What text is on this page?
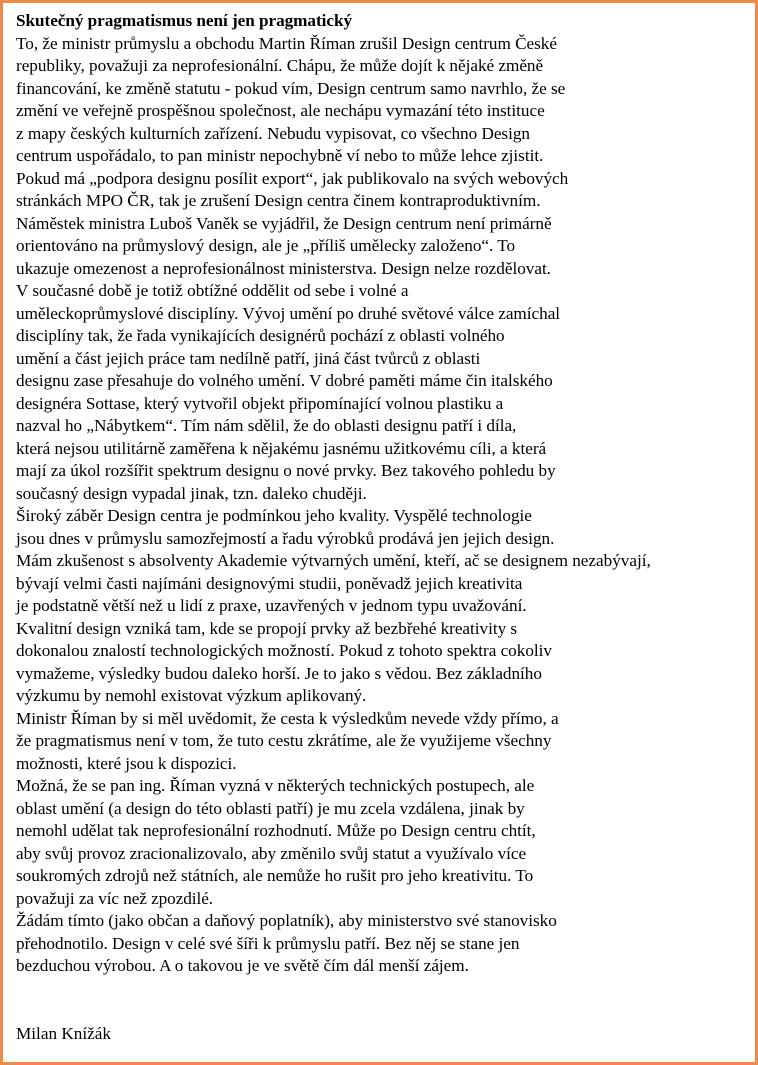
Skutečný pragmatismus není jen pragmatický
To, že ministr průmyslu a obchodu Martin Říman zrušil Design centrum České
republiky, považuji za neprofesionální. Chápu, že může dojít k nějaké změně
financování, ke změně statutu - pokud vím, Design centrum samo navrhlo, že se
změní ve veřejně prospěšnou společnost, ale nechápu vymazání této instituce
z mapy českých kulturních zařízení. Nebudu vypisovat, co všechno Design
centrum uspořádalo, to pan ministr nepochybně ví nebo to může lehce zjistit.
Pokud má „podpora designu posílit export“, jak publikovalo na svých webových
stránkách MPO ČR, tak je zrušení Design centra činem kontraproduktivním.
Náměstek ministra Luboš Vaněk se vyjádřil, že Design centrum není primárně
orientováno na průmyslový design, ale je „příliš umělecky založeno“. To
ukazuje omezenost a neprofesionálnost ministerstva. Design nelze rozdělovat.
V současné době je totiž obtížné oddělit od sebe i volné a
uměleckoprůmyslové disciplíny. Vývoj umění po druhé světové válce zamíchal
disciplíny tak, že řada vynikajících designérů pochází z oblasti volného
umění a část jejich práce tam nedílně patří, jiná část tvůrců z oblasti
designu zase přesahuje do volného umění. V dobré paměti máme čin italského
designéra Sottase, který vytvořil objekt připomínající volnou plastiku a
nazval ho „Nábytkem“. Tím nám sdělil, že do oblasti designu patří i díla,
která nejsou utilitárně zaměřena k nějakému jasnému užitkovému cíli, a která
mají za úkol rozšířit spektrum designu o nové prvky. Bez takového pohledu by
současný design vypadal jinak, tzn. daleko chuději.
Široký záběr Design centra je podmínkou jeho kvality. Vyspělé technologie
jsou dnes v průmyslu samozřejmostí a řadu výrobků prodává jen jejich design.
Mám zkušenost s absolventy Akademie výtvarných umění, kteří, ač se designem nezabývají,
bývají velmi časti najímáni designovými studii, poněvadž jejich kreativita
je podstatně větší než u lidí z praxe, uzavřených v jednom typu uvažování.
Kvalitní design vzniká tam, kde se propojí prvky až bezbřehé kreativity s
dokonalou znalostí technologických možností. Pokud z tohoto spektra cokoliv
vymažeme, výsledky budou daleko horší. Je to jako s vědou. Bez základního
výzkumu by nemohl existovat výzkum aplikovaný.
Ministr Říman by si měl uvědomit, že cesta k výsledkům nevede vždy přímo, a
že pragmatismus není v tom, že tuto cestu zkrátíme, ale že využijeme všechny
možnosti, které jsou k dispozici.
Možná, že se pan ing. Říman vyzná v některých technických postupech, ale
oblast umění (a design do této oblasti patří) je mu zcela vzdálena, jinak by
nemohl udělat tak neprofesionální rozhodnutí. Může po Design centru chtít,
aby svůj provoz zracionalizovalo, aby změnilo svůj statut a využívalo více
soukromých zdrojů než státních, ale nemůže ho rušit pro jeho kreativitu. To
považuji za víc než zpozdilé.
Žádám tímto (jako občan a daňový poplatník), aby ministerstvo své stanovisko
přehodnotilo. Design v celé své šíři k průmyslu patří. Bez něj se stane jen
bezduchou výrobou. A o takovou je ve světě čím dál menší zájem.
Milan Knížák
